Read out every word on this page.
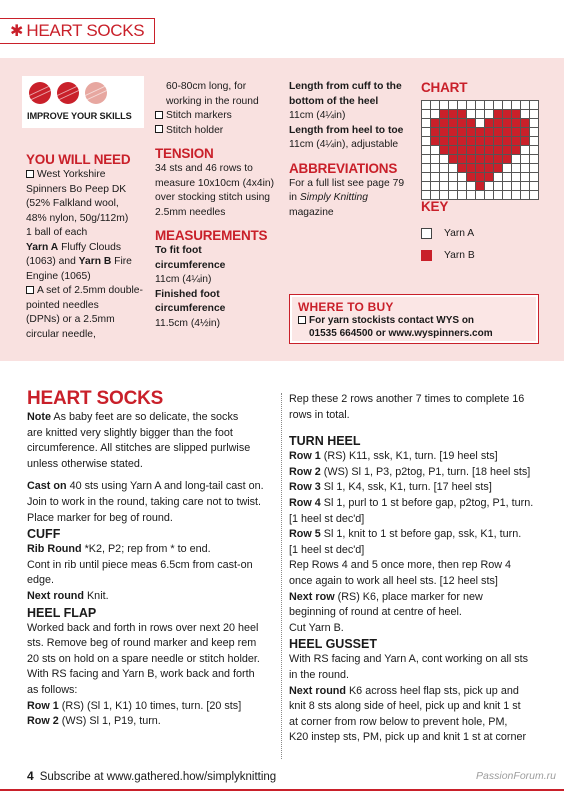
✱ HEART SOCKS
IMPROVE YOUR SKILLS

YOU WILL NEED

West Yorkshire

Spinners Bo Peep DK

(52% Falkland wool,

48% nylon, 50g/112m)

1 ball of each

Yarn A Fluffy Clouds

(1063) and Yarn B Fire

Engine (1065)

A set of 2.5mm double-

pointed needles

(DPNs) or a 2.5mm

circular needle,

60-80cm long, for

working in the round

Stitch markers

Stitch holder

TENSION

34 sts and 46 rows to

measure 10x10cm (4x4in)

over stocking stitch using

2.5mm needles

MEASUREMENTS

To fit foot

circumference

11cm (4¼in)

Finished foot

circumference

11.5cm (4½in)

Length from cuff to the

bottom of the heel

11cm (4¼in)

Length from heel to toe

11cm (4¼in), adjustable

ABBREVIATIONS

For a full list see page 79

in Simply Knitting

magazine

CHART

KEY

Yarn A
Yarn B

WHERE TO BUY

For yarn stockists contact WYS on

01535 664500 or www.wyspinners.com

HEART SOCKS

Note As baby feet are so delicate, the socks

are knitted very slightly bigger than the foot

circumference. All stitches are slipped purlwise

unless otherwise stated.

Cast on 40 sts using Yarn A and long-tail cast on.

Join to work in the round, taking care not to twist.

Place marker for beg of round.

CUFF

Rib Round *K2, P2; rep from * to end.

Cont in rib until piece meas 6.5cm from cast-on

edge.

Next round Knit.

HEEL FLAP

Worked back and forth in rows over next 20 heel

sts. Remove beg of round marker and keep rem

20 sts on hold on a spare needle or stitch holder.

With RS facing and Yarn B, work back and forth

as follows:

Row 1 (RS) (Sl 1, K1) 10 times, turn. [20 sts]

Row 2 (WS) Sl 1, P19, turn.

Rep these 2 rows another 7 times to complete 16

rows in total.

TURN HEEL

Row 1 (RS) K11, ssk, K1, turn. [19 heel sts]

Row 2 (WS) Sl 1, P3, p2tog, P1, turn. [18 heel sts]

Row 3 Sl 1, K4, ssk, K1, turn. [17 heel sts]

Row 4 Sl 1, purl to 1 st before gap, p2tog, P1, turn.

[1 heel st dec'd]

Row 5 Sl 1, knit to 1 st before gap, ssk, K1, turn.

[1 heel st dec'd]

Rep Rows 4 and 5 once more, then rep Row 4

once again to work all heel sts. [12 heel sts]

Next row (RS) K6, place marker for new

beginning of round at centre of heel.

Cut Yarn B.

HEEL GUSSET

With RS facing and Yarn A, cont working on all sts

in the round.

Next round K6 across heel flap sts, pick up and

knit 8 sts along side of heel, pick up and knit 1 st

at corner from row below to prevent hole, PM,

K20 instep sts, PM, pick up and knit 1 st at corner

4 Subscribe at www.gathered.how/simplyknitting	PassionForum.ru
